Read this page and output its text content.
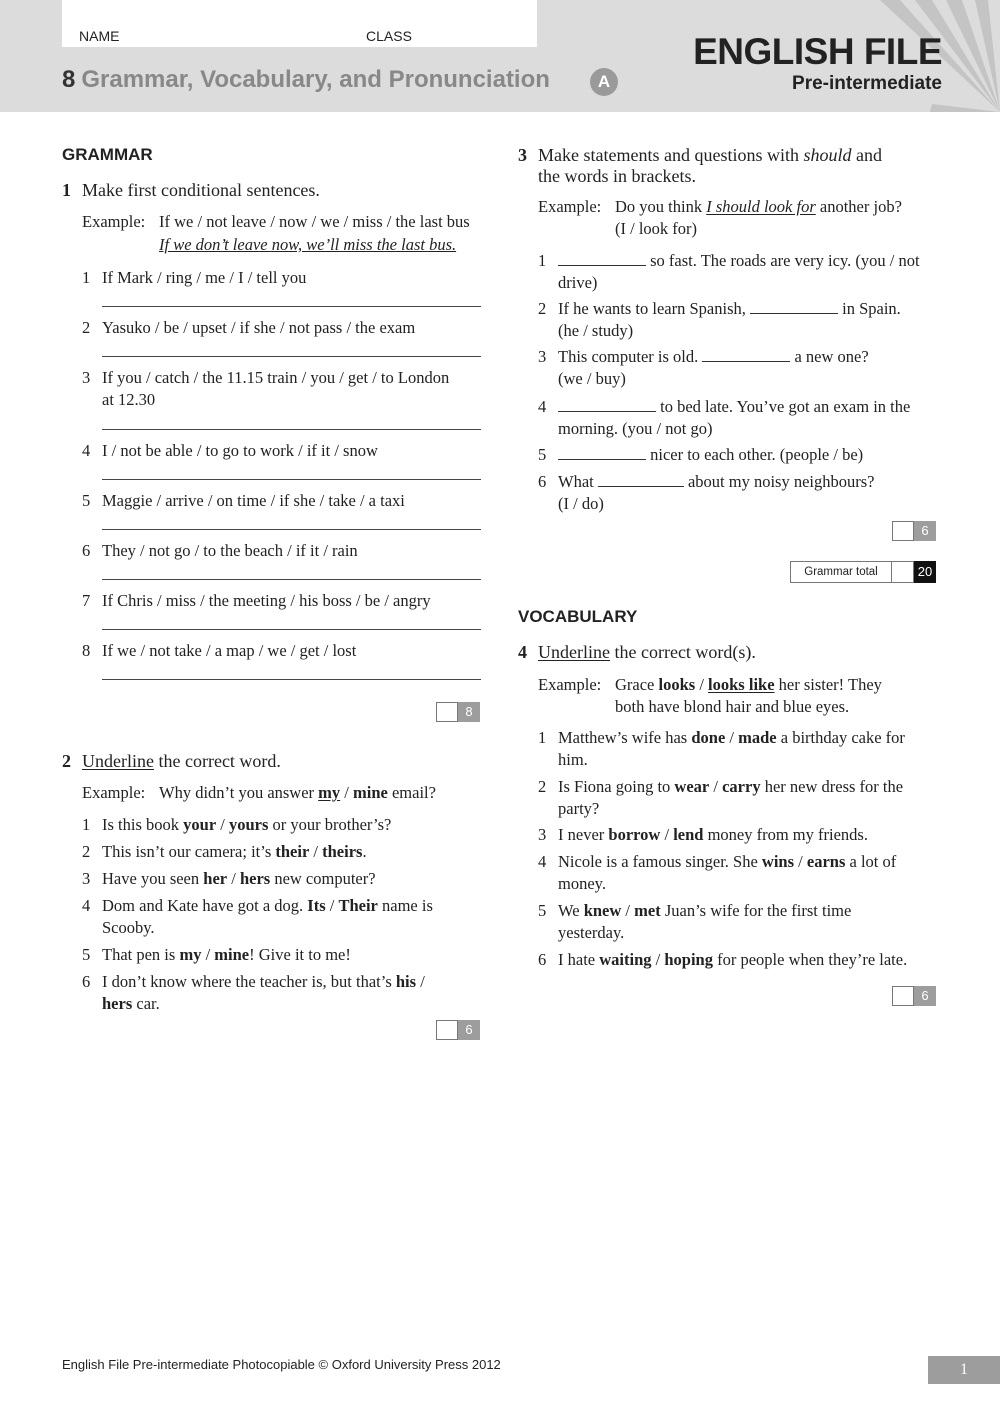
NAME	CLASS
8 Grammar, Vocabulary, and Pronunciation	A
ENGLISH FILE
Pre-intermediate
GRAMMAR
1 Make first conditional sentences.
Example: If we / not leave / now / we / miss / the last bus
If we don’t leave now, we’ll miss the last bus.
1 If Mark / ring / me / I / tell you
2 Yasuko / be / upset / if she / not pass / the exam
3 If you / catch / the 11.15 train / you / get / to London
at 12.30
4 I / not be able / to go to work / if it / snow
5 Maggie / arrive / on time / if she / take / a taxi
6 They / not go / to the beach / if it / rain
7 If Chris / miss / the meeting / his boss / be / angry
8 If we / not take / a map / we / get / lost
8
2 Underline the correct word.
Example: Why didn’t you answer my / mine email?
1 Is this book your / yours or your brother’s?
2 This isn’t our camera; it’s their / theirs.
3 Have you seen her / hers new computer?
4 Dom and Kate have got a dog. Its / Their name is
Scooby.
5 That pen is my / mine! Give it to me!
6 I don’t know where the teacher is, but that’s his /
hers car.
6
3 Make statements and questions with should and
the words in brackets.
Example: Do you think I should look for another job?
(I / look for)
1	so fast. The roads are very icy. (you / not
drive)
2 If he wants to learn Spanish,	in Spain.
(he / study)
3 This computer is old.	a new one?
(we / buy)
4	to bed late. You’ve got an exam in the
morning. (you / not go)
5	nicer to each other. (people / be)
6 What	about my noisy neighbours?
(I / do)
6
Grammar total	20
VOCABULARY
4 Underline the correct word(s).
Example: Grace looks / looks like her sister! They
both have blond hair and blue eyes.
1 Matthew’s wife has done / made a birthday cake for
him.
2 Is Fiona going to wear / carry her new dress for the
party?
3 I never borrow / lend money from my friends.
4 Nicole is a famous singer. She wins / earns a lot of
money.
5 We knew / met Juan’s wife for the first time
yesterday.
6 I hate waiting / hoping for people when they’re late.
6
English File Pre-intermediate Photocopiable © Oxford University Press 2012	1
